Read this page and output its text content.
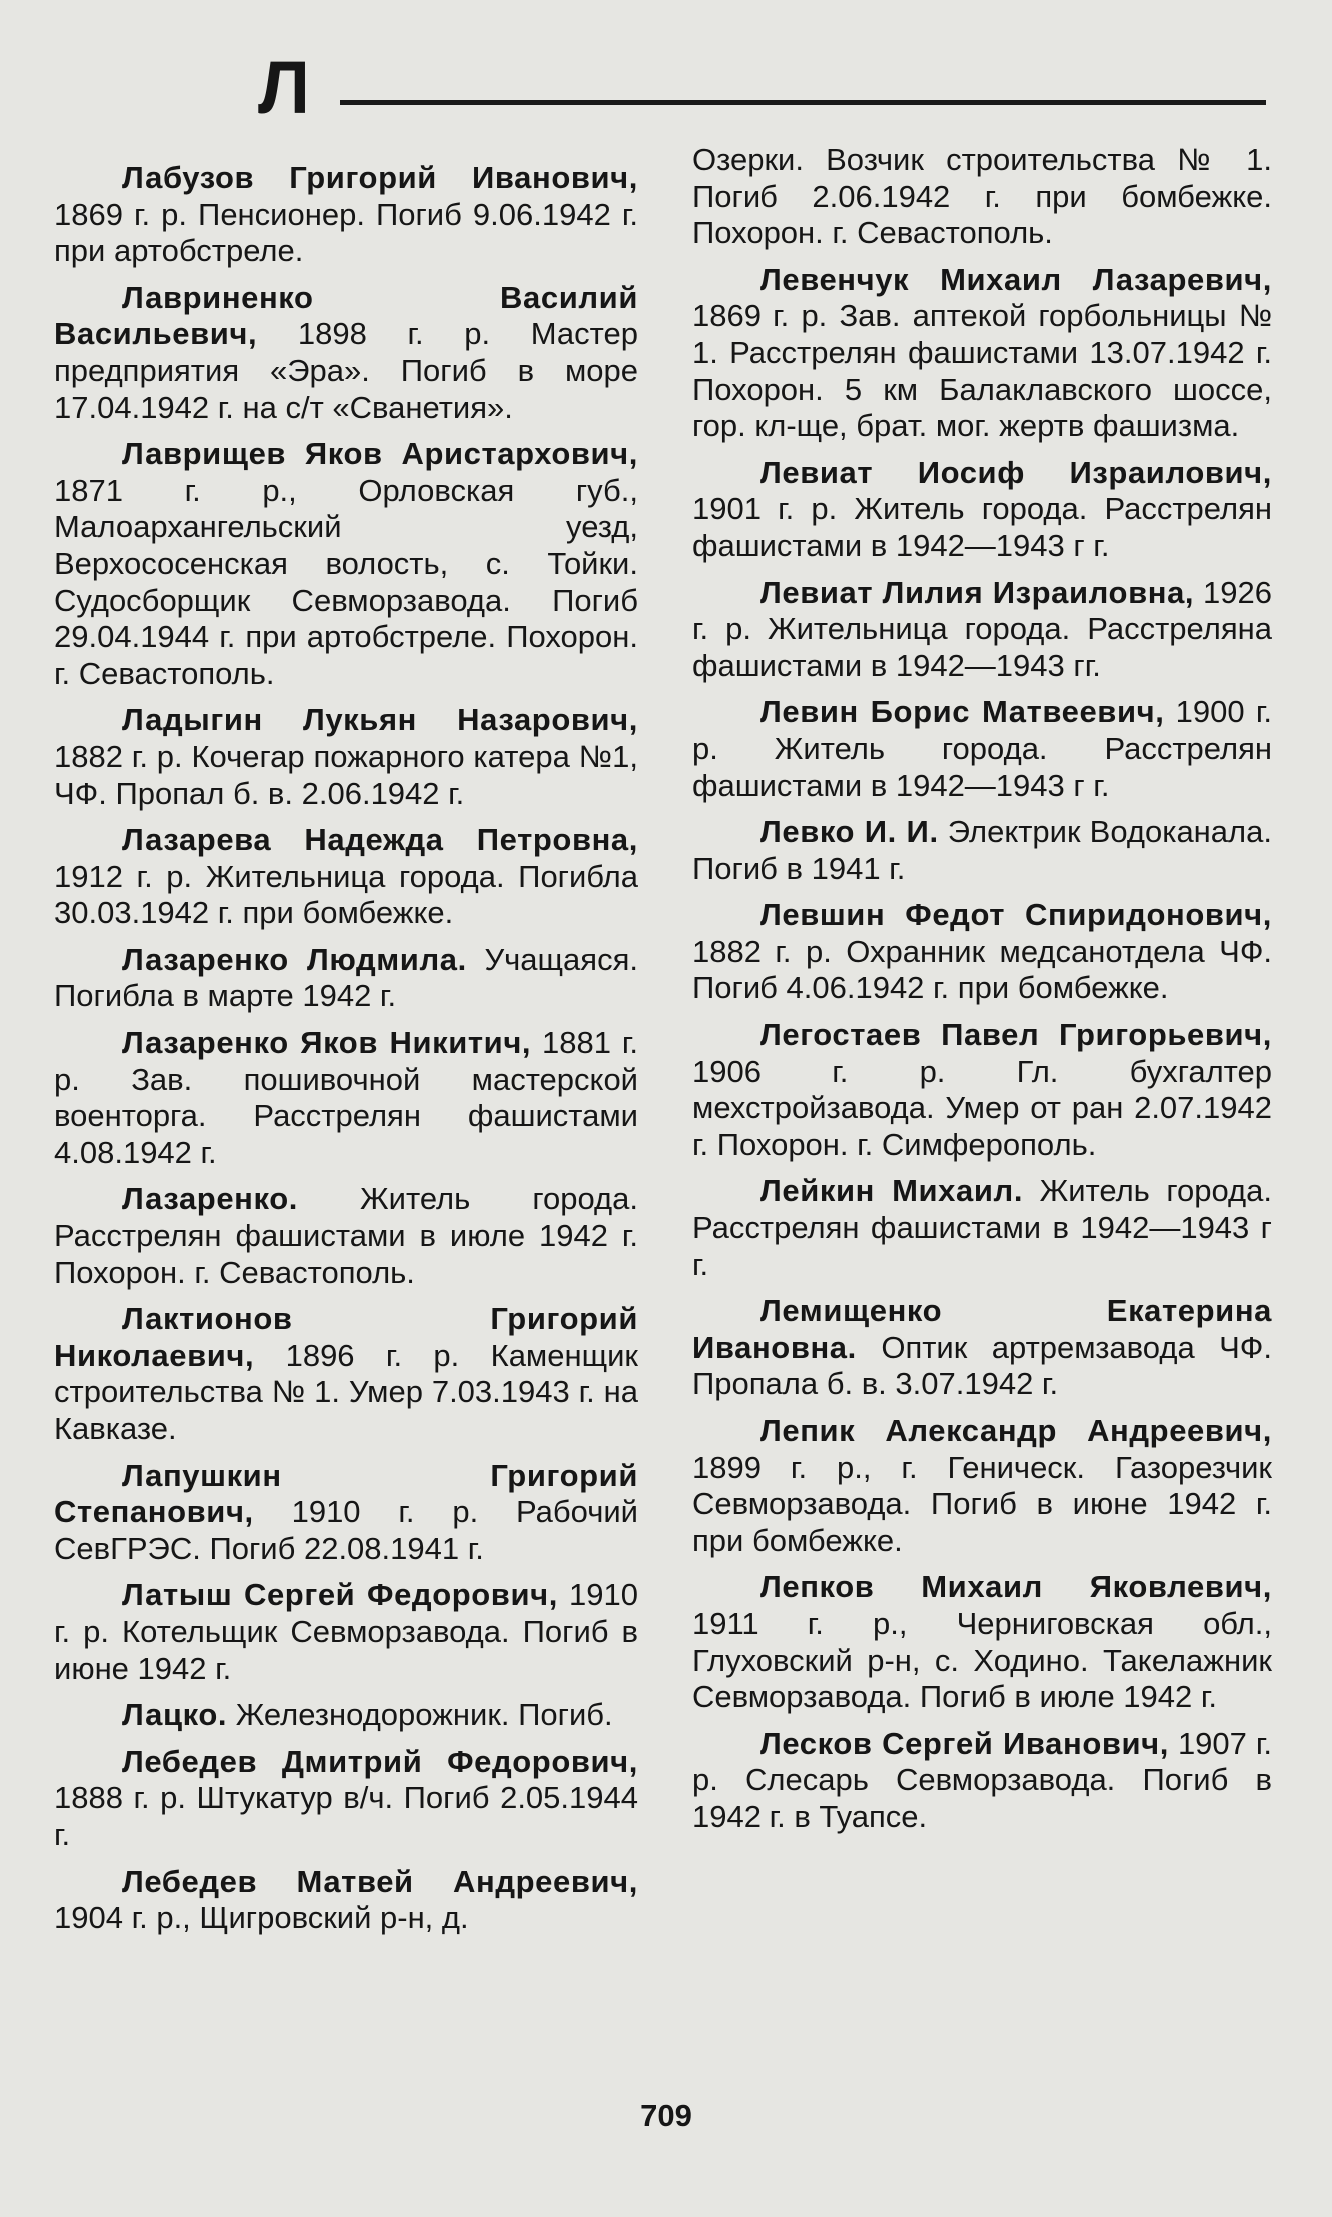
Л

Лабузов Григорий Иванович, 1869 г. р. Пенсионер. Погиб 9.06.1942 г. при артобстреле.

Лавриненко Василий Васильевич, 1898 г. р. Мастер предприятия «Эра». Погиб в море 17.04.1942 г. на с/т «Сванетия».

Лаврищев Яков Аристархович, 1871 г. р., Орловская губ., Малоархангельский уезд, Верхососенская волость, с. Тойки. Судосборщик Севморзавода. Погиб 29.04.1944 г. при артобстреле. Похорон. г. Севастополь.

Ладыгин Лукьян Назарович, 1882 г. р. Кочегар пожарного катера №1, ЧФ. Пропал б. в. 2.06.1942 г.

Лазарева Надежда Петровна, 1912 г. р. Жительница города. Погибла 30.03.1942 г. при бомбежке.

Лазаренко Людмила. Учащаяся. Погибла в марте 1942 г.

Лазаренко Яков Никитич, 1881 г. р. Зав. пошивочной мастерской военторга. Расстрелян фашистами 4.08.1942 г.

Лазаренко. Житель города. Расстрелян фашистами в июле 1942 г. Похорон. г. Севастополь.

Лактионов Григорий Николаевич, 1896 г. р. Каменщик строительства № 1. Умер 7.03.1943 г. на Кавказе.

Лапушкин Григорий Степанович, 1910 г. р. Рабочий СевГРЭС. Погиб 22.08.1941 г.

Латыш Сергей Федорович, 1910 г. р. Котельщик Севморзавода. Погиб в июне 1942 г.

Лацко. Железнодорожник. Погиб.

Лебедев Дмитрий Федорович, 1888 г. р. Штукатур в/ч. Погиб 2.05.1944 г.

Лебедев Матвей Андреевич, 1904 г. р., Щигровский р-н, д.

Озерки. Возчик строительства № 1. Погиб 2.06.1942 г. при бомбежке. Похорон. г. Севастополь.

Левенчук Михаил Лазаревич, 1869 г. р. Зав. аптекой горбольницы № 1. Расстрелян фашистами 13.07.1942 г. Похорон. 5 км Балаклавского шоссе, гор. кл-ще, брат. мог. жертв фашизма.

Левиат Иосиф Израилович, 1901 г. р. Житель города. Расстрелян фашистами в 1942—1943 г г.

Левиат Лилия Израиловна, 1926 г. р. Жительница города. Расстреляна фашистами в 1942—1943 гг.

Левин Борис Матвеевич, 1900 г. р. Житель города. Расстрелян фашистами в 1942—1943 г г.

Левко И. И. Электрик Водоканала. Погиб в 1941 г.

Левшин Федот Спиридонович, 1882 г. р. Охранник медсанотдела ЧФ. Погиб 4.06.1942 г. при бомбежке.

Легостаев Павел Григорьевич, 1906 г. р. Гл. бухгалтер мехстройзавода. Умер от ран 2.07.1942 г. Похорон. г. Симферополь.

Лейкин Михаил. Житель города. Расстрелян фашистами в 1942—1943 г г.

Лемищенко Екатерина Ивановна. Оптик артремзавода ЧФ. Пропала б. в. 3.07.1942 г.

Лепик Александр Андреевич, 1899 г. р., г. Геническ. Газорезчик Севморзавода. Погиб в июне 1942 г. при бомбежке.

Лепков Михаил Яковлевич, 1911 г. р., Черниговская обл., Глуховский р-н, с. Ходино. Такелажник Севморзавода. Погиб в июле 1942 г.

Лесков Сергей Иванович, 1907 г. р. Слесарь Севморзавода. Погиб в 1942 г. в Туапсе.

709
